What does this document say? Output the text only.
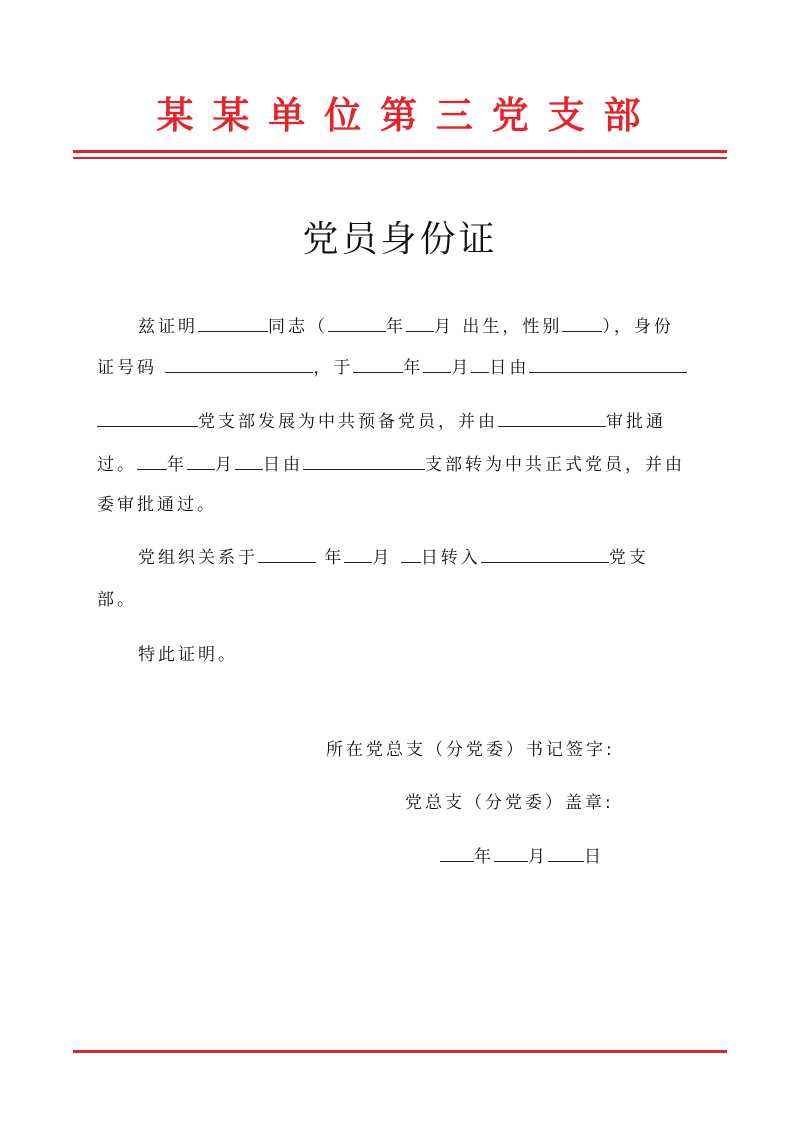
某 某 单 位 第 三 党 支 部
党员身份证
兹证明	同志（	年 月 出生，性别 ），身份
证号码	，于	年 月 日由
党支部发展为中共预备党员，并由	审批通
过。 年 月 日由	支部转为中共正式党员，并由
委审批通过。
党组织关系于	年 月 日转入	党支
部。
特此证明。
所在党总支（分党委）书记签字:
党总支（分党委）盖章:
年 月 日
